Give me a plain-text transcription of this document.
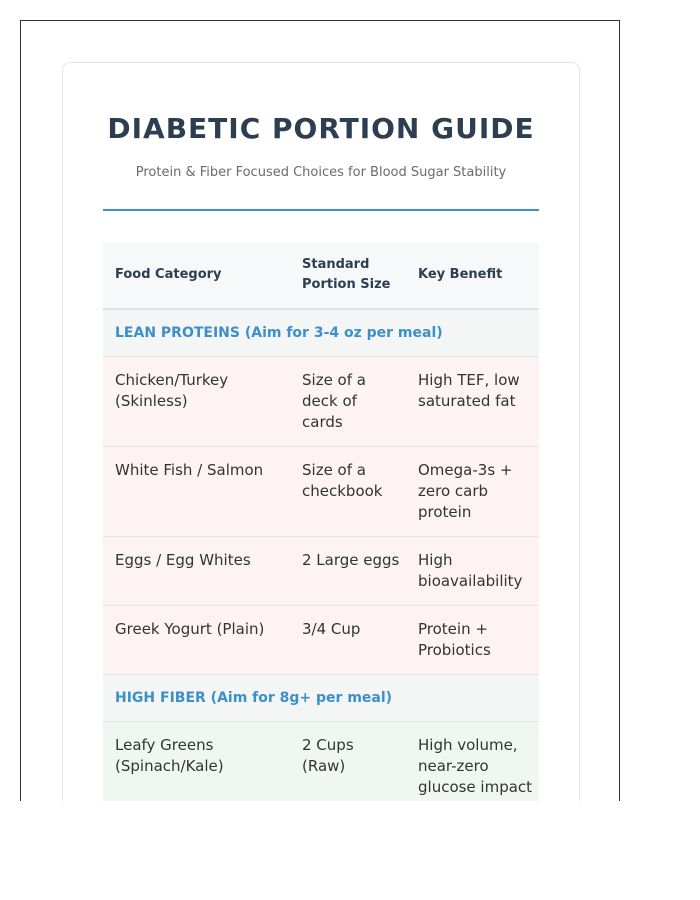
DIABETIC PORTION GUIDE
Protein & Fiber Focused Choices for Blood Sugar Stability
Food Category	Standard Portion Size	Key Benefit
LEAN PROTEINS (Aim for 3-4 oz per meal)		
Chicken/Turkey (Skinless)	Size of a deck of cards	High TEF, low saturated fat
White Fish / Salmon	Size of a checkbook	Omega-3s + zero carb protein
Eggs / Egg Whites	2 Large eggs	High bioavailability
Greek Yogurt (Plain)	3/4 Cup	Protein + Probiotics
HIGH FIBER (Aim for 8g+ per meal)		
Leafy Greens (Spinach/Kale)	2 Cups (Raw)	High volume, near-zero glucose impact
